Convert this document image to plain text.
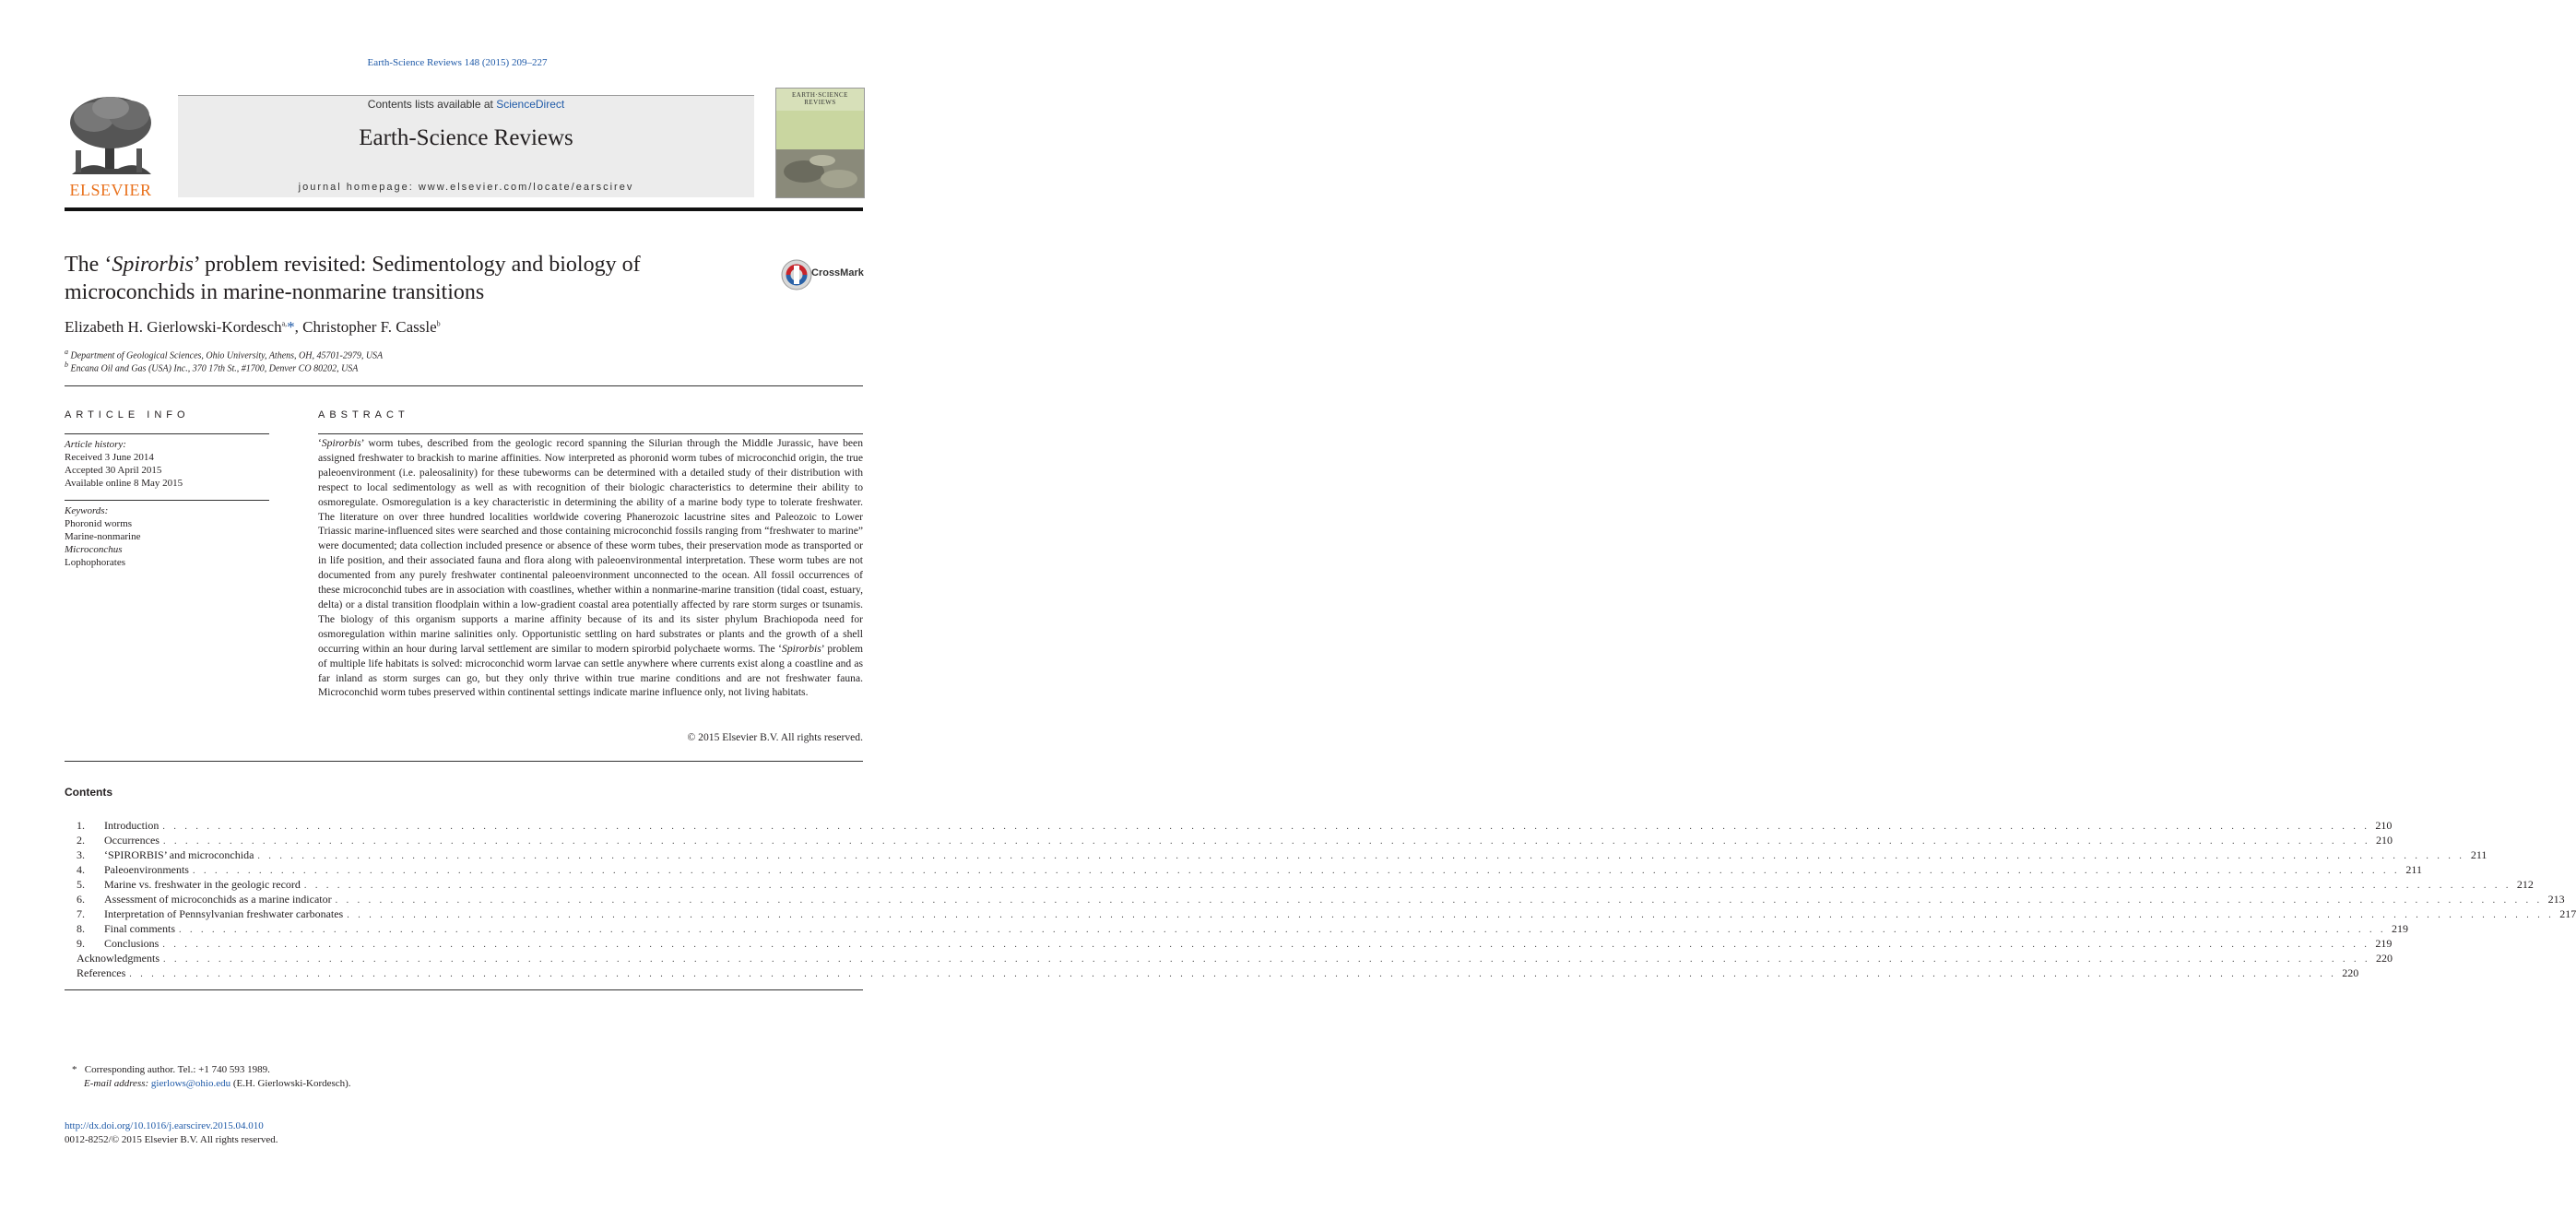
Earth-Science Reviews 148 (2015) 209–227
ELSEVIER
Contents lists available at ScienceDirect
Earth-Science Reviews
journal homepage: www.elsevier.com/locate/earscirev
EARTH·SCIENCE
REVIEWS
The ‘Spirorbis’ problem revisited: Sedimentology and biology of microconchids in marine-nonmarine transitions
CrossMark
Elizabeth H. Gierlowski-Kordesch$^{a,}$*, Christopher F. Cassle$^b$
$^a$ Department of Geological Sciences, Ohio University, Athens, OH, 45701-2979, USA
$^b$ Encana Oil and Gas (USA) Inc., 370 17th St., #1700, Denver CO 80202, USA
ARTICLE INFO
Article history:
Received 3 June 2014
Accepted 30 April 2015
Available online 8 May 2015
Keywords:
Phoronid worms
Marine-nonmarine
Microconchus
Lophophorates
ABSTRACT
‘Spirorbis’ worm tubes, described from the geologic record spanning the Silurian through the Middle Jurassic, have been assigned freshwater to brackish to marine affinities. Now interpreted as phoronid worm tubes of microconchid origin, the true paleoenvironment (i.e. paleosalinity) for these tubeworms can be determined with a detailed study of their distribution with respect to local sedimentology as well as with recognition of their biologic characteristics to determine their ability to osmoregulate. Osmoregulation is a key characteristic in determining the ability of a marine body type to tolerate freshwater. The literature on over three hundred localities worldwide covering Phanerozoic lacustrine sites and Paleozoic to Lower Triassic marine-influenced sites were searched and those containing microconchid fossils ranging from “freshwater to marine” were documented; data collection included presence or absence of these worm tubes, their preservation mode as transported or in life position, and their associated fauna and flora along with paleoenvironmental interpretation. These worm tubes are not documented from any purely freshwater continental paleoenvironment unconnected to the ocean. All fossil occurrences of these microconchid tubes are in association with coastlines, whether within a nonmarine-marine transition (tidal coast, estuary, delta) or a distal transition floodplain within a low-gradient coastal area potentially affected by rare storm surges or tsunamis. The biology of this organism supports a marine affinity because of its and its sister phylum Brachiopoda need for osmoregulation within marine salinities only. Opportunistic settling on hard substrates or plants and the growth of a shell occurring within an hour during larval settlement are similar to modern spirorbid polychaete worms. The ‘Spirorbis’ problem of multiple life habitats is solved: microconchid worm larvae can settle anywhere where currents exist along a coastline and as far inland as storm surges can go, but they only thrive within true marine conditions and are not freshwater fauna. Microconchid worm tubes preserved within continental settings indicate marine influence only, not living habitats.
© 2015 Elsevier B.V. All rights reserved.
Contents
1.	Introduction . . . . . . . . . . . . . . . . . . . . . . . . . . . . . . . . . . . . . . . . . . . . . . . . . . . . . . . . . . . . . . . . . . . . . . . . . . . . . . . . . . . . . . . . . . . . . . . . . . . . . . . . . . . . . . . . . . . . . . . . . . . . . . . . . . . . . . . . . . . . . . . . . . . . . . . . . . . . . . . . . . . . . . . . . . . . . . . . . . . . . . . . . . . . . . . . . . . . . . . . 210
2.	Occurrences . . . . . . . . . . . . . . . . . . . . . . . . . . . . . . . . . . . . . . . . . . . . . . . . . . . . . . . . . . . . . . . . . . . . . . . . . . . . . . . . . . . . . . . . . . . . . . . . . . . . . . . . . . . . . . . . . . . . . . . . . . . . . . . . . . . . . . . . . . . . . . . . . . . . . . . . . . . . . . . . . . . . . . . . . . . . . . . . . . . . . . . . . . . . . . . . . . . . . . . . 210
3.	‘SPIRORBIS’ and microconchida . . . . . . . . . . . . . . . . . . . . . . . . . . . . . . . . . . . . . . . . . . . . . . . . . . . . . . . . . . . . . . . . . . . . . . . . . . . . . . . . . . . . . . . . . . . . . . . . . . . . . . . . . . . . . . . . . . . . . . . . . . . . . . . . . . . . . . . . . . . . . . . . . . . . . . . . . . . . . . . . . . . . . . . . . . . . . . . . . . . . . . . . . . . . . . . . . . . . . . . . 211
4.	Paleoenvironments . . . . . . . . . . . . . . . . . . . . . . . . . . . . . . . . . . . . . . . . . . . . . . . . . . . . . . . . . . . . . . . . . . . . . . . . . . . . . . . . . . . . . . . . . . . . . . . . . . . . . . . . . . . . . . . . . . . . . . . . . . . . . . . . . . . . . . . . . . . . . . . . . . . . . . . . . . . . . . . . . . . . . . . . . . . . . . . . . . . . . . . . . . . . . . . . . . . . . . . . 211
5.	Marine vs. freshwater in the geologic record . . . . . . . . . . . . . . . . . . . . . . . . . . . . . . . . . . . . . . . . . . . . . . . . . . . . . . . . . . . . . . . . . . . . . . . . . . . . . . . . . . . . . . . . . . . . . . . . . . . . . . . . . . . . . . . . . . . . . . . . . . . . . . . . . . . . . . . . . . . . . . . . . . . . . . . . . . . . . . . . . . . . . . . . . . . . . . . . . . . . . . . . . . . . . . . . . . . . . . . . 212
6.	Assessment of microconchids as a marine indicator . . . . . . . . . . . . . . . . . . . . . . . . . . . . . . . . . . . . . . . . . . . . . . . . . . . . . . . . . . . . . . . . . . . . . . . . . . . . . . . . . . . . . . . . . . . . . . . . . . . . . . . . . . . . . . . . . . . . . . . . . . . . . . . . . . . . . . . . . . . . . . . . . . . . . . . . . . . . . . . . . . . . . . . . . . . . . . . . . . . . . . . . . . . . . . . . . . . . . . . . 213
7.	Interpretation of Pennsylvanian freshwater carbonates . . . . . . . . . . . . . . . . . . . . . . . . . . . . . . . . . . . . . . . . . . . . . . . . . . . . . . . . . . . . . . . . . . . . . . . . . . . . . . . . . . . . . . . . . . . . . . . . . . . . . . . . . . . . . . . . . . . . . . . . . . . . . . . . . . . . . . . . . . . . . . . . . . . . . . . . . . . . . . . . . . . . . . . . . . . . . . . . . . . . . . . . . . . . . . . . . . . . . . . . 217
8.	Final comments . . . . . . . . . . . . . . . . . . . . . . . . . . . . . . . . . . . . . . . . . . . . . . . . . . . . . . . . . . . . . . . . . . . . . . . . . . . . . . . . . . . . . . . . . . . . . . . . . . . . . . . . . . . . . . . . . . . . . . . . . . . . . . . . . . . . . . . . . . . . . . . . . . . . . . . . . . . . . . . . . . . . . . . . . . . . . . . . . . . . . . . . . . . . . . . . . . . . . . . . 219
9.	Conclusions . . . . . . . . . . . . . . . . . . . . . . . . . . . . . . . . . . . . . . . . . . . . . . . . . . . . . . . . . . . . . . . . . . . . . . . . . . . . . . . . . . . . . . . . . . . . . . . . . . . . . . . . . . . . . . . . . . . . . . . . . . . . . . . . . . . . . . . . . . . . . . . . . . . . . . . . . . . . . . . . . . . . . . . . . . . . . . . . . . . . . . . . . . . . . . . . . . . . . . . . 219
Acknowledgments . . . . . . . . . . . . . . . . . . . . . . . . . . . . . . . . . . . . . . . . . . . . . . . . . . . . . . . . . . . . . . . . . . . . . . . . . . . . . . . . . . . . . . . . . . . . . . . . . . . . . . . . . . . . . . . . . . . . . . . . . . . . . . . . . . . . . . . . . . . . . . . . . . . . . . . . . . . . . . . . . . . . . . . . . . . . . . . . . . . . . . . . . . . . . . . . . . . . . . . . 220
References . . . . . . . . . . . . . . . . . . . . . . . . . . . . . . . . . . . . . . . . . . . . . . . . . . . . . . . . . . . . . . . . . . . . . . . . . . . . . . . . . . . . . . . . . . . . . . . . . . . . . . . . . . . . . . . . . . . . . . . . . . . . . . . . . . . . . . . . . . . . . . . . . . . . . . . . . . . . . . . . . . . . . . . . . . . . . . . . . . . . . . . . . . . . . . . . . . . . . . . . 220
* Corresponding author. Tel.: +1 740 593 1989.
E-mail address: gierlows@ohio.edu (E.H. Gierlowski-Kordesch).
http://dx.doi.org/10.1016/j.earscirev.2015.04.010
0012-8252/© 2015 Elsevier B.V. All rights reserved.
